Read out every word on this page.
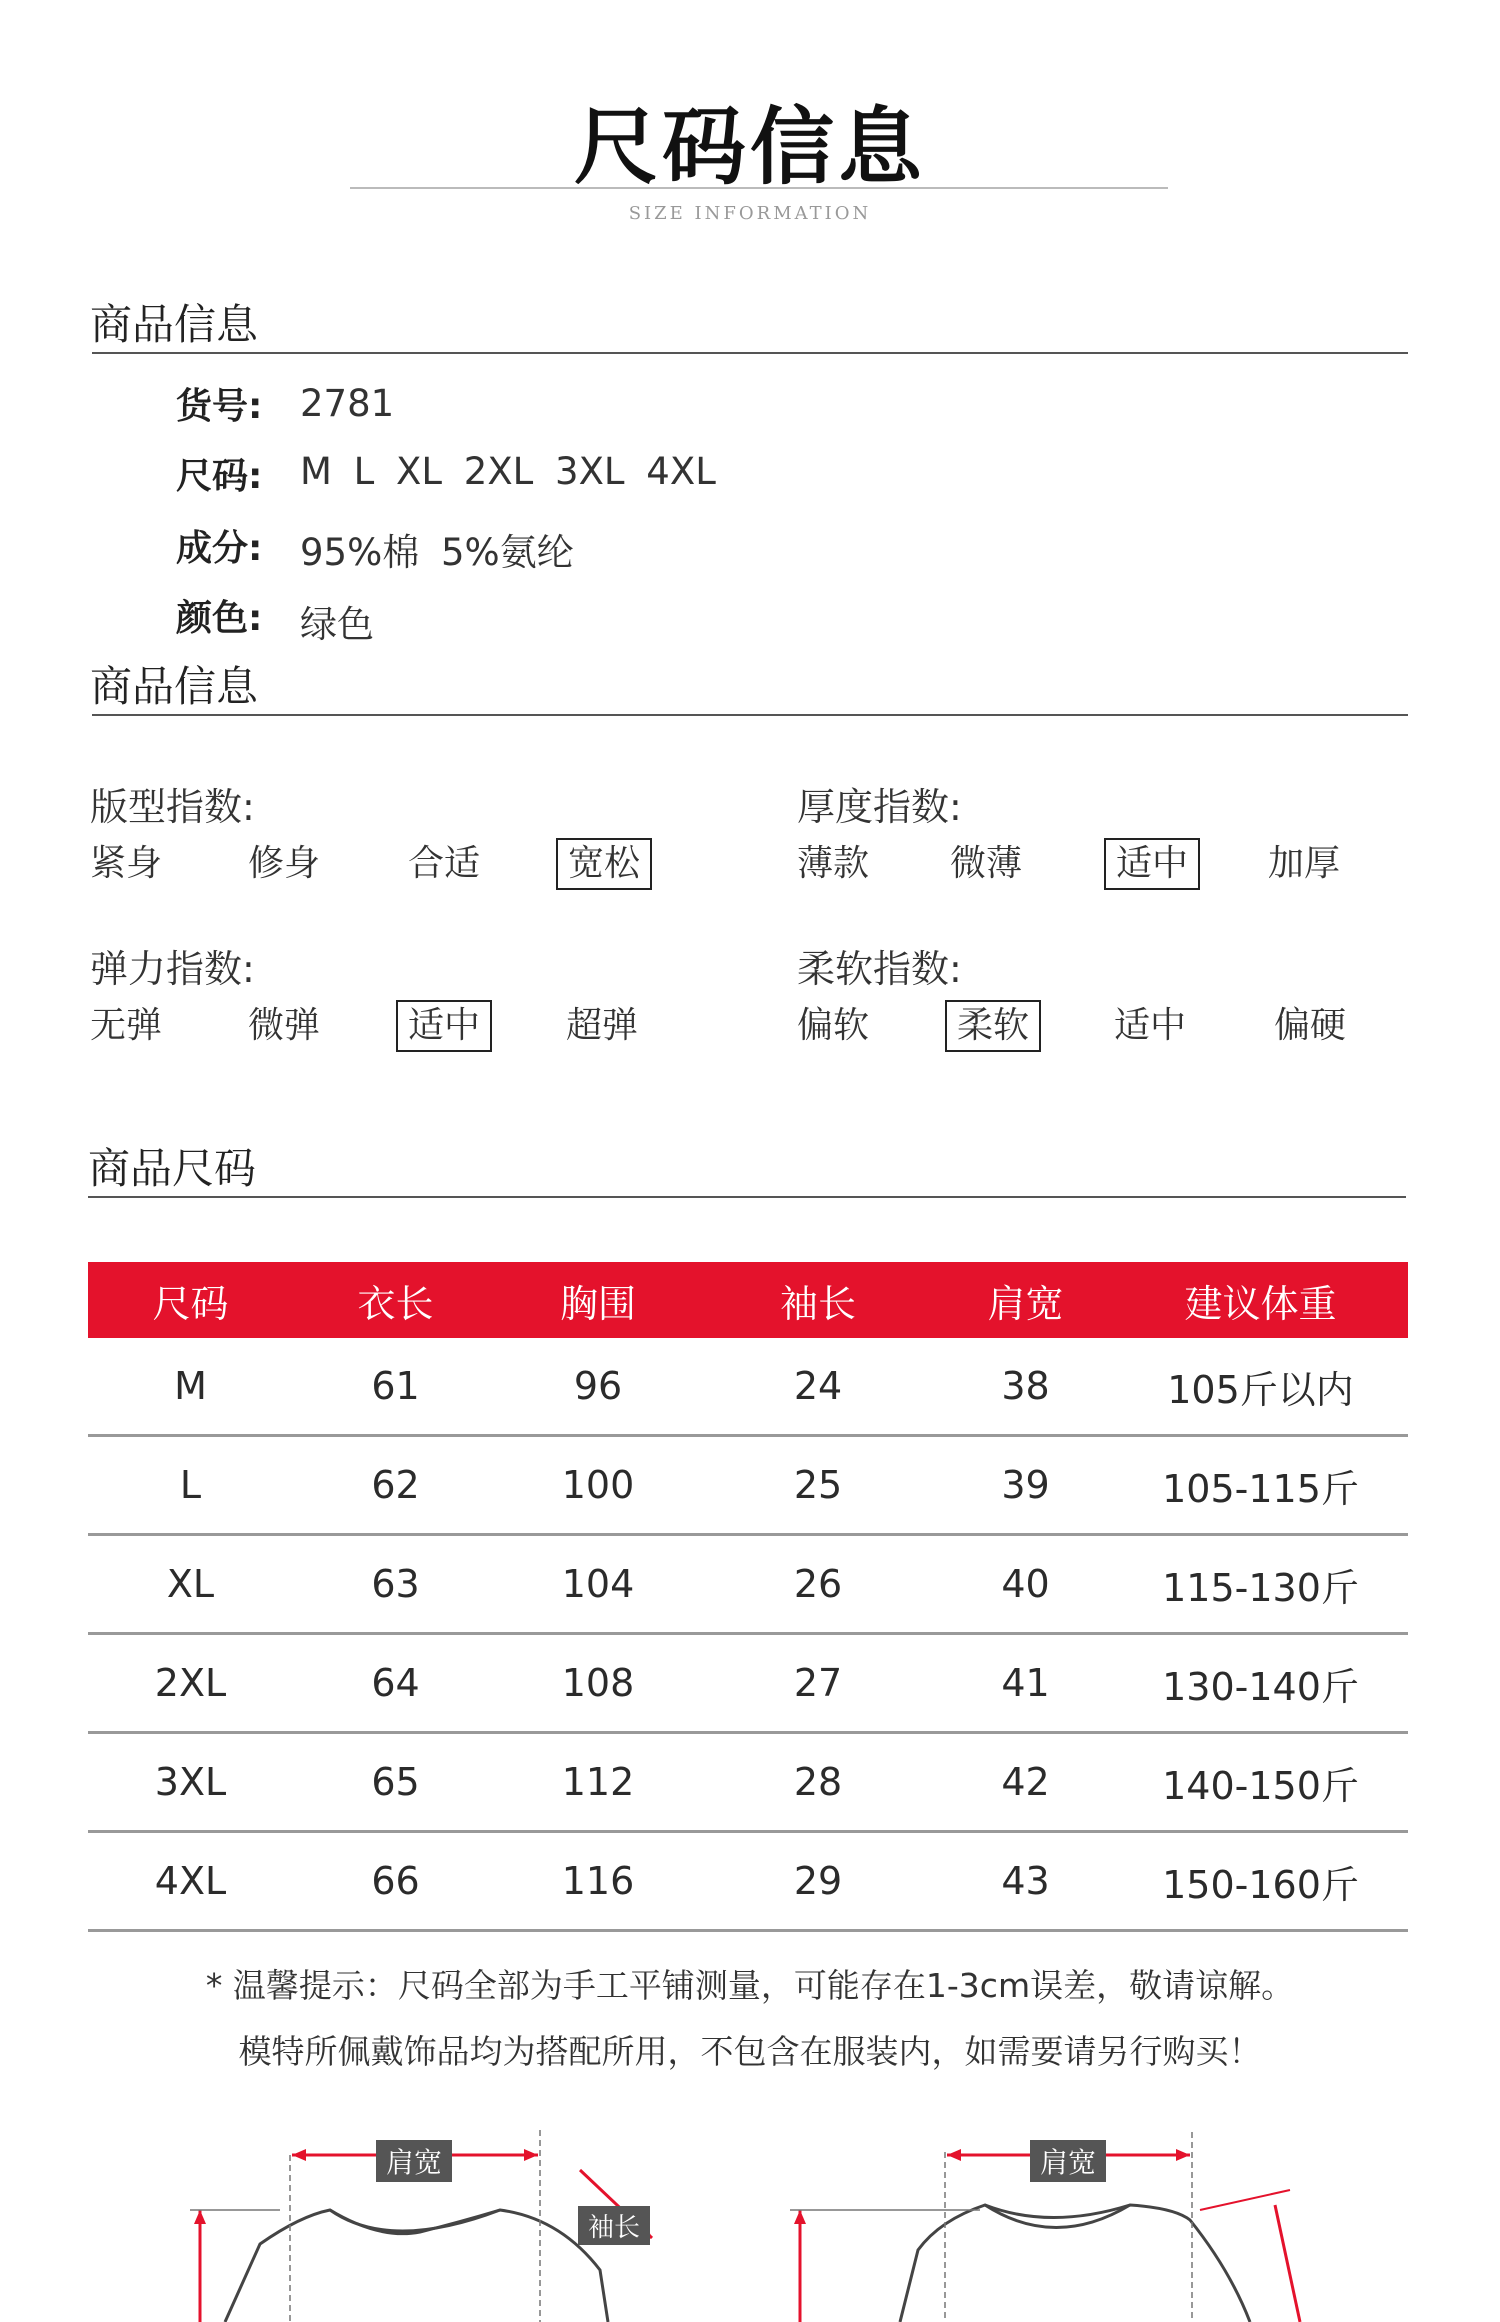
尺码信息
SIZE INFORMATION
商品信息
货号: 2781
尺码: M L XL 2XL 3XL 4XL
成分: 95%棉 5%氨纶
颜色: 绿色
商品信息
版型指数:
紧身 修身 合适	宽松
厚度指数:
薄款 微薄	适中	加厚
弹力指数:
无弹 微弹	适中	超弹
柔软指数:
偏软	柔软	适中 偏硬
商品尺码
尺码	衣长	胸围	袖长	肩宽	建议体重
M	61	96	24	38	105斤以内
L	62	100	25	39	105-115斤
XL	63	104	26	40	115-130斤
2XL	64	108	27	41	130-140斤
3XL	65	112	28	42	140-150斤
4XL	66	116	29	43	150-160斤
* 温馨提示：尺码全部为手工平铺测量，可能存在1-3cm误差，敬请谅解。
模特所佩戴饰品均为搭配所用，不包含在服装内，如需要请另行购买！
肩宽
袖长
肩宽
